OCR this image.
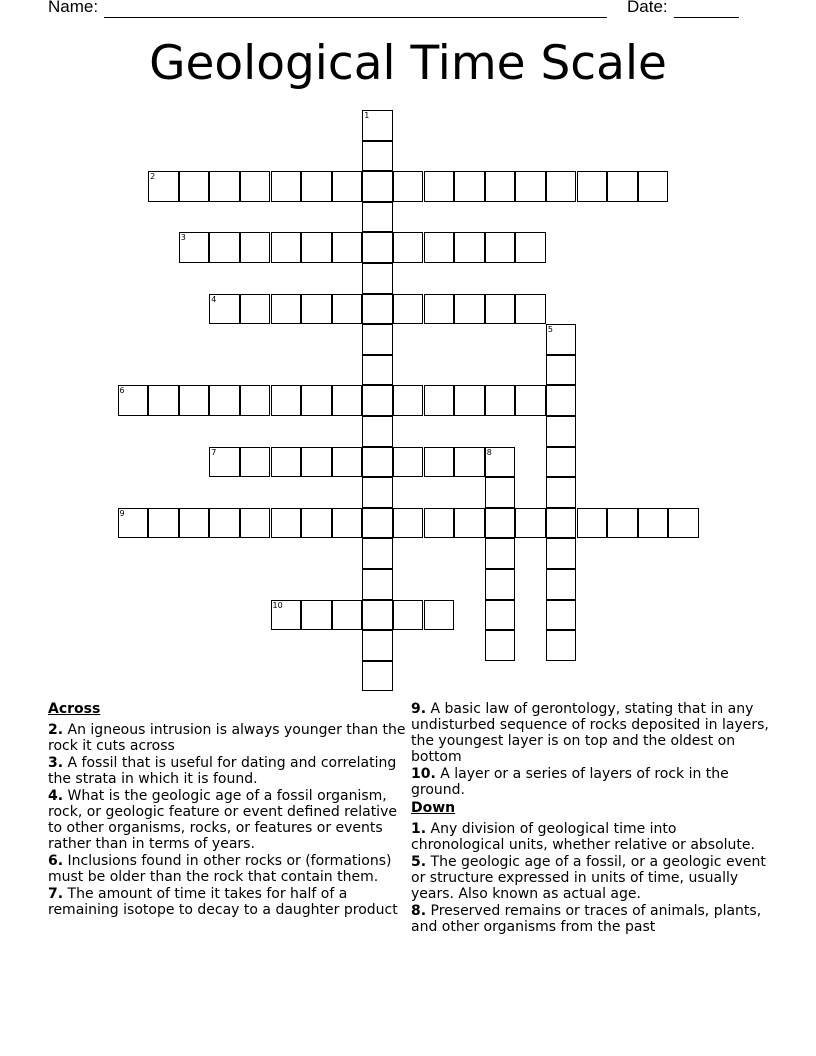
Name:	Date:
Geological Time Scale
1
2
3
4
5
6
7	8
9
10
Across
2. An igneous intrusion is always younger than the rock it cuts across
3. A fossil that is useful for dating and correlating the strata in which it is found.
4. What is the geologic age of a fossil organism, rock, or geologic feature or event defined relative to other organisms, rocks, or features or events rather than in terms of years.
6. Inclusions found in other rocks or (formations) must be older than the rock that contain them.
7. The amount of time it takes for half of a remaining isotope to decay to a daughter product
9. A basic law of gerontology, stating that in any undisturbed sequence of rocks deposited in layers, the youngest layer is on top and the oldest on bottom
10. A layer or a series of layers of rock in the ground.
Down
1. Any division of geological time into chronological units, whether relative or absolute.
5. The geologic age of a fossil, or a geologic event or structure expressed in units of time, usually years. Also known as actual age.
8. Preserved remains or traces of animals, plants, and other organisms from the past
